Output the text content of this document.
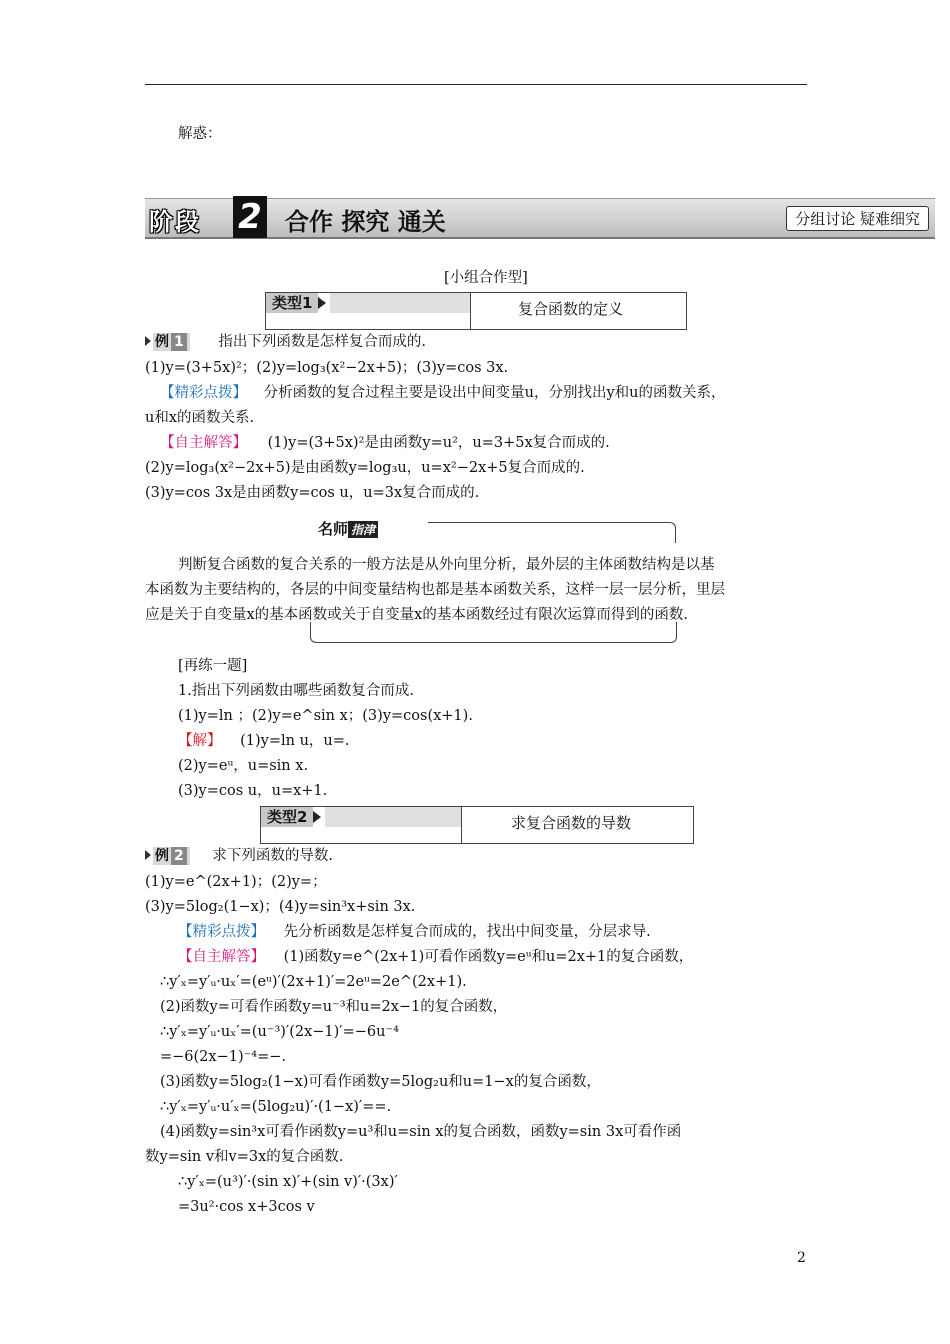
解惑：
阶段 2 合作 探究 通关	分组讨论 疑难细究
[小组合作型]
类型1	复合函数的定义
例 1 指出下列函数是怎样复合而成的.
(1)y=(3+5x)²；(2)y=log₃(x²−2x+5)；(3)y=cos 3x.
【精彩点拨】 分析函数的复合过程主要是设出中间变量u，分别找出y和u的函数关系，
u和x的函数关系.
【自主解答】 (1)y=(3+5x)²是由函数y=u²，u=3+5x复合而成的.
(2)y=log₃(x²−2x+5)是由函数y=log₃u，u=x²−2x+5复合而成的.
(3)y=cos 3x是由函数y=cos u，u=3x复合而成的.
名师 指津
判断复合函数的复合关系的一般方法是从外向里分析，最外层的主体函数结构是以基
本函数为主要结构的，各层的中间变量结构也都是基本函数关系，这样一层一层分析，里层
应是关于自变量x的基本函数或关于自变量x的基本函数经过有限次运算而得到的函数.
[再练一题]
1.指出下列函数由哪些函数复合而成.
(1)y=ln ；(2)y=e^sin x；(3)y=cos(x+1).
【解】 (1)y=ln u，u=.
(2)y=eᵘ，u=sin x.
(3)y=cos u，u=x+1.
类型2	求复合函数的导数
例 2 求下列函数的导数.
(1)y=e^(2x+1)；(2)y=；
(3)y=5log₂(1−x)；(4)y=sin³x+sin 3x.
【精彩点拨】 先分析函数是怎样复合而成的，找出中间变量，分层求导.
【自主解答】 (1)函数y=e^(2x+1)可看作函数y=eᵘ和u=2x+1的复合函数，
∴y′ₓ=y′ᵤ·uₓ′=(eᵘ)′(2x+1)′=2eᵘ=2e^(2x+1).
(2)函数y=可看作函数y=u⁻³和u=2x−1的复合函数，
∴y′ₓ=y′ᵤ·uₓ′=(u⁻³)′(2x−1)′=−6u⁻⁴
=−6(2x−1)⁻⁴=−.
(3)函数y=5log₂(1−x)可看作函数y=5log₂u和u=1−x的复合函数，
∴y′ₓ=y′ᵤ·u′ₓ=(5log₂u)′·(1−x)′==.
(4)函数y=sin³x可看作函数y=u³和u=sin x的复合函数，函数y=sin 3x可看作函
数y=sin v和v=3x的复合函数.
∴y′ₓ=(u³)′·(sin x)′+(sin v)′·(3x)′
=3u²·cos x+3cos v
2
